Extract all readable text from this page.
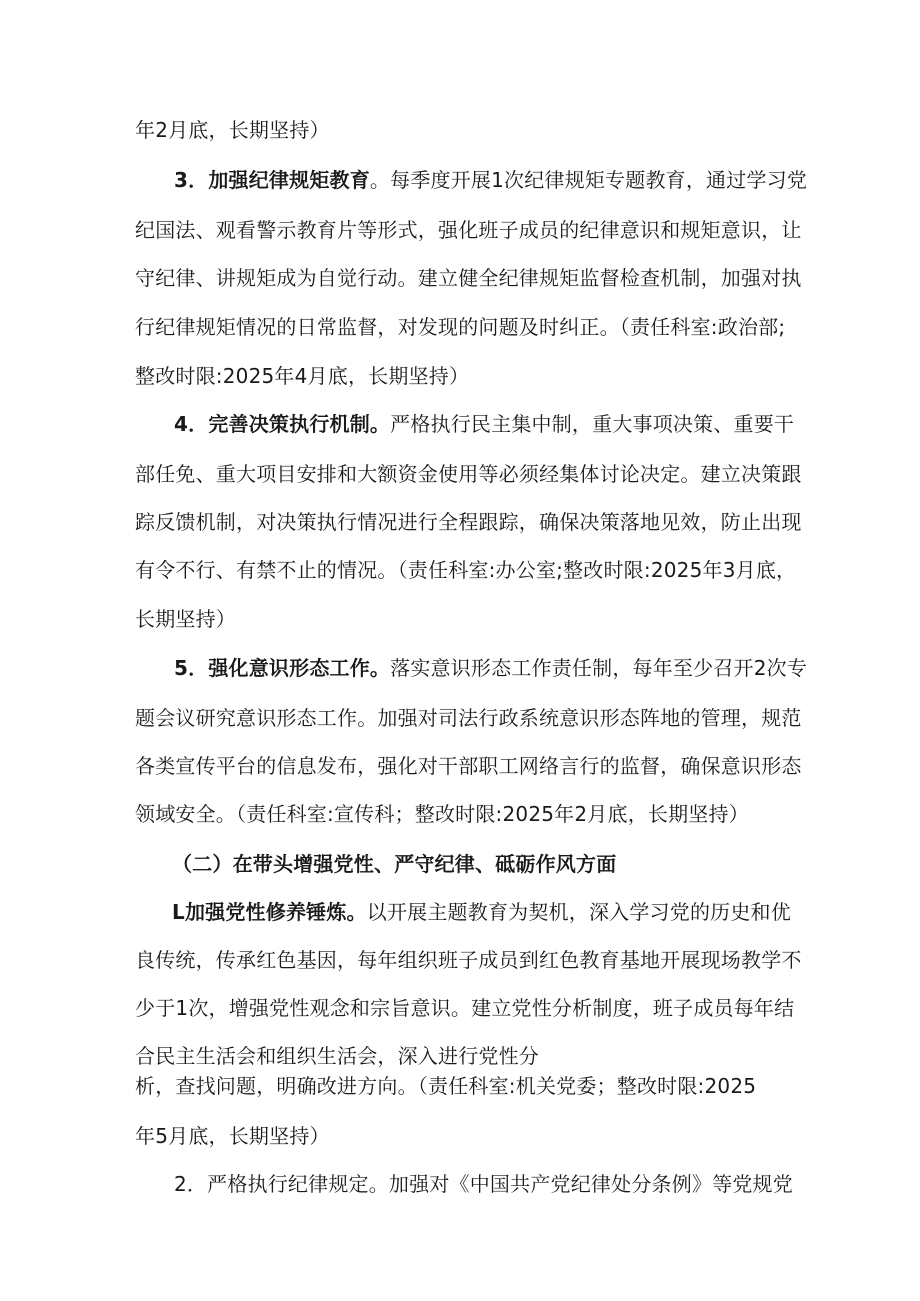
年2月底，长期坚持）

3．加强纪律规矩教育。每季度开展1次纪律规矩专题教育，通过学习党

纪国法、观看警示教育片等形式，强化班子成员的纪律意识和规矩意识，让

守纪律、讲规矩成为自觉行动。建立健全纪律规矩监督检查机制，加强对执

行纪律规矩情况的日常监督，对发现的问题及时纠正。（责任科室:政治部;

整改时限:2025年4月底，长期坚持）

4．完善决策执行机制。严格执行民主集中制，重大事项决策、重要干

部任免、重大项目安排和大额资金使用等必须经集体讨论决定。建立决策跟

踪反馈机制，对决策执行情况进行全程跟踪，确保决策落地见效，防止出现

有令不行、有禁不止的情况。（责任科室:办公室;整改时限:2025年3月底，

长期坚持）

5．强化意识形态工作。落实意识形态工作责任制，每年至少召开2次专

题会议研究意识形态工作。加强对司法行政系统意识形态阵地的管理，规范

各类宣传平台的信息发布，强化对干部职工网络言行的监督，确保意识形态

领域安全。（责任科室:宣传科；整改时限:2025年2月底，长期坚持）

（二）在带头增强党性、严守纪律、砥砺作风方面

L加强党性修养锤炼。以开展主题教育为契机，深入学习党的历史和优

良传统，传承红色基因，每年组织班子成员到红色教育基地开展现场教学不

少于1次，增强党性观念和宗旨意识。建立党性分析制度，班子成员每年结

合民主生活会和组织生活会，深入进行党性分

析，查找问题，明确改进方向。（责任科室:机关党委；整改时限:2025

年5月底，长期坚持）

2．严格执行纪律规定。加强对《中国共产党纪律处分条例》等党规党
